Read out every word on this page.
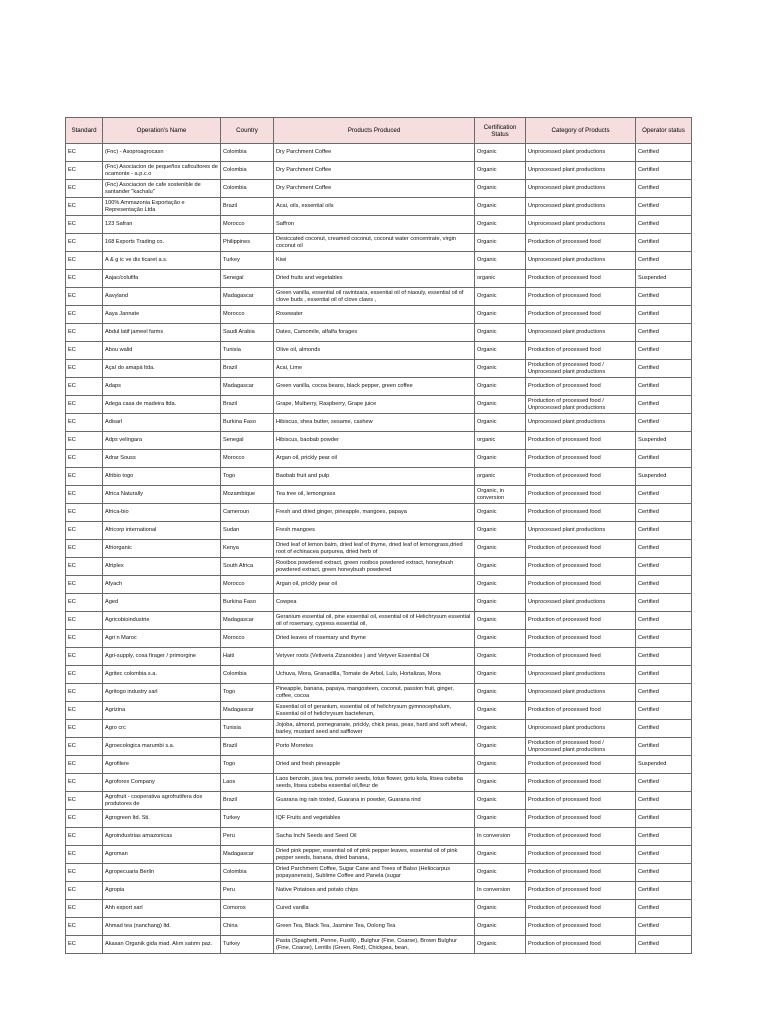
Standard	Operation's Name	Country	Products Produced	Certification Status	Category of Products	Operator status

EC	(Fnc) - Asoproagrocasn	Colombia	Dry Parchment Coffee	Organic	Unprocessed plant productions	Certified

EC	(Fnc) Asociacion de pequeños caficultores de ocamonte - a.p.c.o	Colombia	Dry Parchment Coffee	Organic	Unprocessed plant productions	Certified

EC	(Fnc) Asociacion de cafe sostenible de santander "kachalu"	Colombia	Dry Parchment Coffee	Organic	Unprocessed plant productions	Certified

EC	100% Ammazonia Exportação e Representação Ltda	Brazil	Acai, oils, essential oils	Organic	Unprocessed plant productions	Certified

EC	123 Safran	Morocco	Saffron	Organic	Unprocessed plant productions	Certified

EC	168 Exports Trading co.	Philippines	Desiccated coconut, creamed coconut, coconut water concentrate, virgin coconut oil	Organic	Production of processed food	Certified

EC	A & g ic ve dis ticaret a.s.	Turkey	Kiwi	Organic	Unprocessed plant productions	Certified

EC	Aajac/colufifa	Senegal	Dried fruits and vegetables	organic	Production of processed food	Suspended

EC	Aavyland	Madagascar	Green vanilla, essential oil ravintsara, essential oil of niaouly, essential oil of clove buds , essential oil of clove claws ,	Organic	Production of processed food	Certified

EC	Aaya Jannate	Morocco	Rosewater	Organic	Production of processed food	Certified

EC	Abdul latif jameel farms	Saudi Arabia	Dates, Camomile, alfalfa forages	Organic	Unprocessed plant productions	Certified

EC	Abou walid	Tunisia	Olive oil, almonds	Organic	Production of processed food	Certified

EC	Açaí do amapá ltda.	Brazil	Acai, Lime	Organic	Production of processed food / Unprocessed plant productions	Certified

EC	Adaps	Madagascar	Green vanilla, cocoa beans, black pepper, green coffee	Organic	Production of processed food	Certified

EC	Adega casa de madeira ltda.	Brazil	Grape, Mulberry, Raspberry, Grape juice	Organic	Production of processed food / Unprocessed plant productions	Certified

EC	Adisarl	Burkina Faso	Hibiscus, shea butter, sesame, cashew	Organic	Unprocessed plant productions	Certified

EC	Adps velingara	Senegal	Hibiscus, baobab powder	organic	Production of processed food	Suspended

EC	Adrar Souss	Morocco	Argan oil, prickly pear oil	Organic	Production of processed food	Certified

EC	Afribio togo	Togo	Baobab fruit and pulp	organic	Production of processed food	Suspended

EC	Africa Naturally	Mozambique	Tea tree oil, lemongrass	Organic, in conversion	Production of processed food	Certified

EC	Africa-bio	Cameroun	Fresh and dried ginger, pineapple, mangoes, papaya	Organic	Production of processed food	Certified

EC	Africorp international	Sudan	Fresh mangoes	Organic	Unprocessed plant productions	Certified

EC	Afriorganic	Kenya	Dried leaf of lemon balm, dried leaf of thyme, dried leaf of lemongrass,dried root of echinacea purpurea, dried herb of	Organic	Production of processed food	Certified

EC	Afriplex	South Africa	Rooibos powdered extract, green rooibos powdered extract, honeybush powdered extract, green honeybush powdered	Organic	Production of processed food	Certified

EC	Afyach	Morocco	Argan oil, prickly pear oil	Organic	Production of processed food	Certified

EC	Aged	Burkina Faso	Cowpea	Organic	Unprocessed plant productions	Certified

EC	Agricobioindustrie	Madagascar	Geranium essential oil, pine essential oil, essential oil of Helichrysum essential oil of rosemary, cypress essential oil,	Organic	Production of processed food	Certified

EC	Agri n Maroc	Morocco	Dried leaves of rosemary and thyme	Organic	Production of processed food	Certified

EC	Agri-supply, cosa firager / primorgine	Haiti	Vetyver roots (Vetiveria Zizanoides ) and Vetyver Essential Oil	Organic	Production of processed feed	Certified

EC	Agritec colombia s.a.	Colombia	Uchuva, Mora, Granadilla, Tomate de Árbol, Lulo, Hortalizas, Mora	Organic	Unprocessed plant productions	Certified

EC	Agritogo industry sarl	Togo	Pineapple, banana, papaya, mangosteen, coconut, passion fruit, ginger, coffee, cocoa	Organic	Unprocessed plant productions	Certified

EC	Agrizina	Madagascar	Essential oil of geranium, essential oil of helichrysum gymnocephalum, Essential oil of helichrysum bacteferum,	Organic	Production of processed food	Certified

EC	Agro crc	Tunisia	Jojoba, almond, pomegranate, prickly, chick peas, peas, hard and soft wheat, barley, mustard seed and safflower	Organic	Unprocessed plant productions	Certified

EC	Agroecologica marumbi s.a.	Brazil	Porto Morretes	Organic	Production of processed food / Unprocessed plant productions	Certified

EC	Agrofilere	Togo	Dried and fresh pineapple	Organic	Production of processed food	Suspended

EC	Agroforex Company	Laos	Laos benzoin, java tea, pomelo seeds, lotus flower, gotu kola, litsea cubeba seeds, litsea cubeba essential oil,fleur de	Organic	Production of processed food	Certified

EC	Agrofruit - cooperativa agrofrutifera dos produtores de	Brazil	Guarana ing rain tosted, Guarana in powder, Guarana rind	Organic	Production of processed food	Certified

EC	Agrogreen ltd. Sti.	Turkey	IQF Fruits and vegetables	Organic	Production of processed food	Certified

EC	Agroindustrias amazonicas	Peru	Sacha Inchi Seeds and Seed Oil	In conversion	Production of processed food	Certified

EC	Agroman	Madagascar	Dried pink pepper, essential oil of pink pepper leaves, essential oil of pink pepper seeds, banana, dried banana,	Organic	Production of processed food	Certified

EC	Agropecuaria Berlin	Colombia	Dried Parchment Coffee, Sugar Cane and Trees of Balso (Heliocarpus popayanensis), Sublime Coffee and Panela (sugar	Organic	Production of processed food	Certified

EC	Agropia	Peru	Native Potatoes and potato chips	In conversion	Production of processed food	Certified

EC	Ahh export sarl	Comoros	Cured vanilla	Organic	Production of processed food	Certified

EC	Ahmad tea (nanchang) ltd.	China	Green Tea, Black Tea, Jasmine Tea, Oolong Tea	Organic	Production of processed food	Certified

EC	Akasan Organik gida mad. Alım satımı paz.	Turkey	Pasta (Spaghetti, Penne, Fusilli) , Bulghur (Fine, Coarse), Brown Bulghur (Fine, Coarse), Lentils (Green, Red), Chickpea, bean,	Organic	Production of processed food	Certified
